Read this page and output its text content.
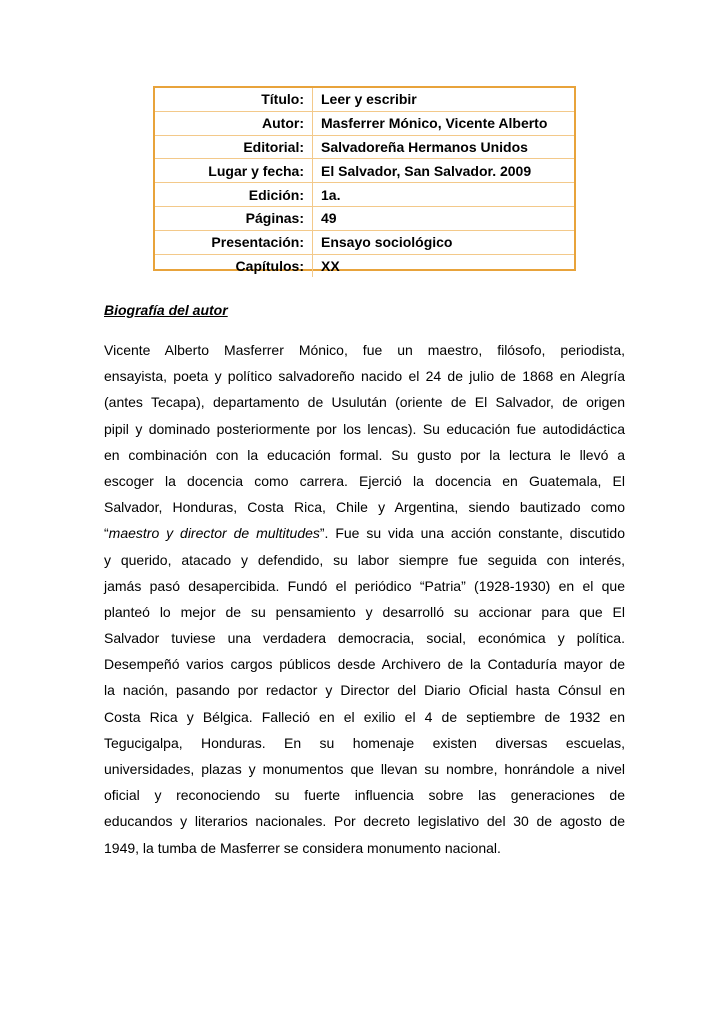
Título:	Leer y escribir
Autor:	Masferrer Mónico, Vicente Alberto
Editorial:	Salvadoreña Hermanos Unidos
Lugar y fecha:	El Salvador, San Salvador. 2009
Edición:	1a.
Páginas:	49
Presentación:	Ensayo sociológico
Capítulos:	XX
Biografía del autor
Vicente Alberto Masferrer Mónico, fue un maestro, filósofo, periodista,
ensayista, poeta y político salvadoreño nacido el 24 de julio de 1868 en Alegría
(antes Tecapa), departamento de Usulután (oriente de El Salvador, de origen
pipil y dominado posteriormente por los lencas). Su educación fue autodidáctica
en combinación con la educación formal. Su gusto por la lectura le llevó a
escoger la docencia como carrera. Ejerció la docencia en Guatemala, El
Salvador, Honduras, Costa Rica, Chile y Argentina, siendo bautizado como
“maestro y director de multitudes”. Fue su vida una acción constante, discutido
y querido, atacado y defendido, su labor siempre fue seguida con interés,
jamás pasó desapercibida. Fundó el periódico “Patria” (1928-1930) en el que
planteó lo mejor de su pensamiento y desarrolló su accionar para que El
Salvador tuviese una verdadera democracia, social, económica y política.
Desempeñó varios cargos públicos desde Archivero de la Contaduría mayor de
la nación, pasando por redactor y Director del Diario Oficial hasta Cónsul en
Costa Rica y Bélgica. Falleció en el exilio el 4 de septiembre de 1932 en
Tegucigalpa, Honduras. En su homenaje existen diversas escuelas,
universidades, plazas y monumentos que llevan su nombre, honrándole a nivel
oficial y reconociendo su fuerte influencia sobre las generaciones de
educandos y literarios nacionales. Por decreto legislativo del 30 de agosto de
1949, la tumba de Masferrer se considera monumento nacional.
